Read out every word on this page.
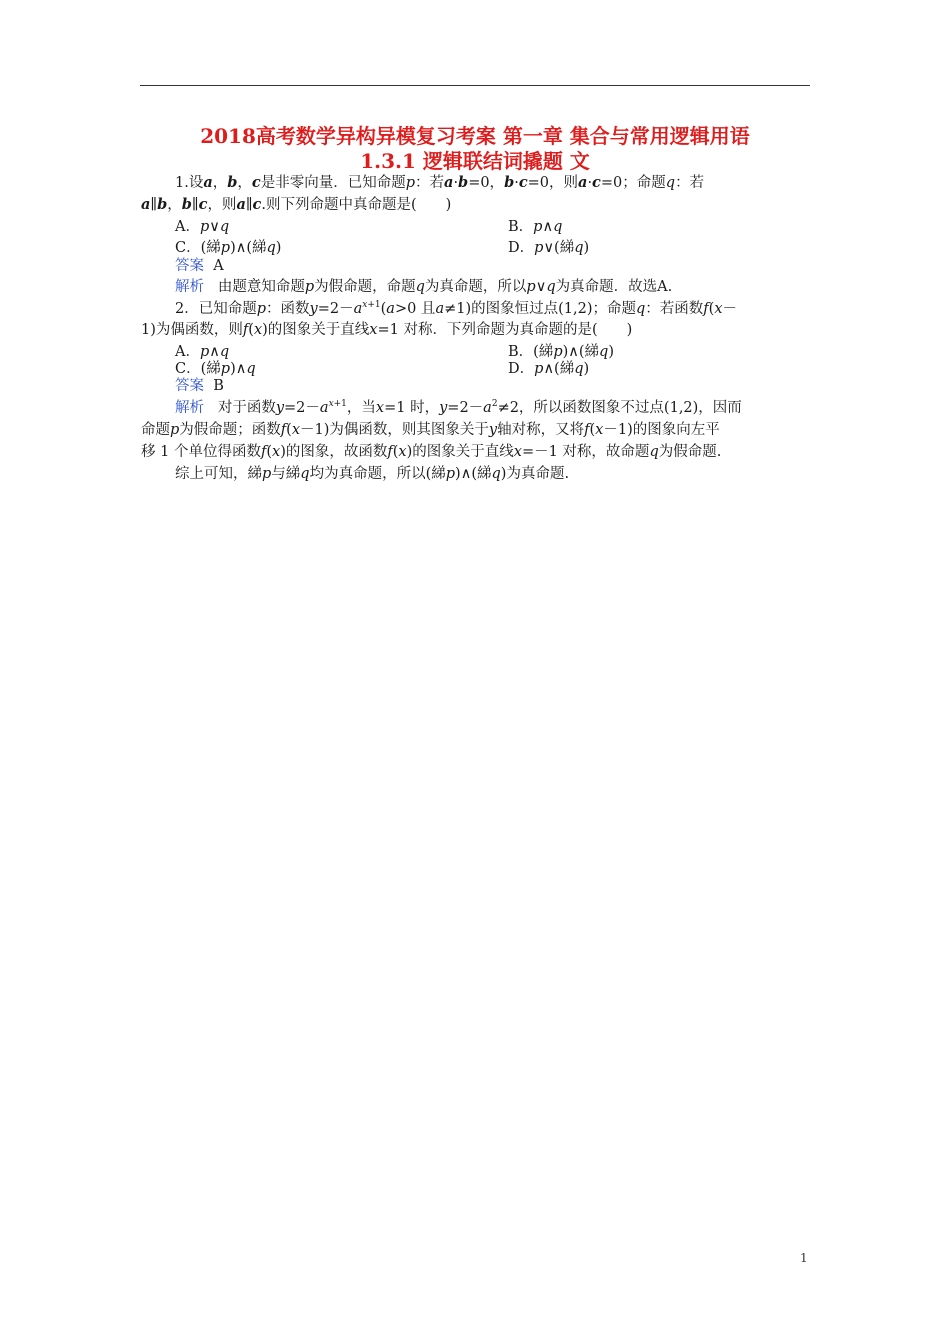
2018高考数学异构异模复习考案 第一章 集合与常用逻辑用语
1.3.1 逻辑联结词撬题 文
1.设a，b，c是非零向量．已知命题p：若a·b=0，b·c=0，则a·c=0；命题q：若
a∥b，b∥c，则a∥c.则下列命题中真命题是(　　)
A．p∨q	B．p∧q
C．(綈p)∧(綈q)	D．p∨(綈q)
答案 A
解析 由题意知命题p为假命题，命题q为真命题，所以p∨q为真命题．故选A.
2．已知命题p：函数$y=2-a^{x+1}(a>0$ 且a≠1)的图象恒过点(1,2)；命题q：若函数f(x－
1)为偶函数，则f(x)的图象关于直线x=1 对称．下列命题为真命题的是(　　)
A．p∧q	B．(綈p)∧(綈q)
C．(綈p)∧q	D．p∧(綈q)
答案 B
解析 对于函数$y=2-a^{x+1}$，当x=1 时，$y=2-a^2\ne 2$，所以函数图象不过点(1,2)，因而
命题p为假命题；函数f(x－1)为偶函数，则其图象关于y轴对称，又将f(x－1)的图象向左平
移 1 个单位得函数f(x)的图象，故函数f(x)的图象关于直线x=－1 对称，故命题q为假命题.
综上可知，綈p与綈q均为真命题，所以(綈p)∧(綈q)为真命题.
1
